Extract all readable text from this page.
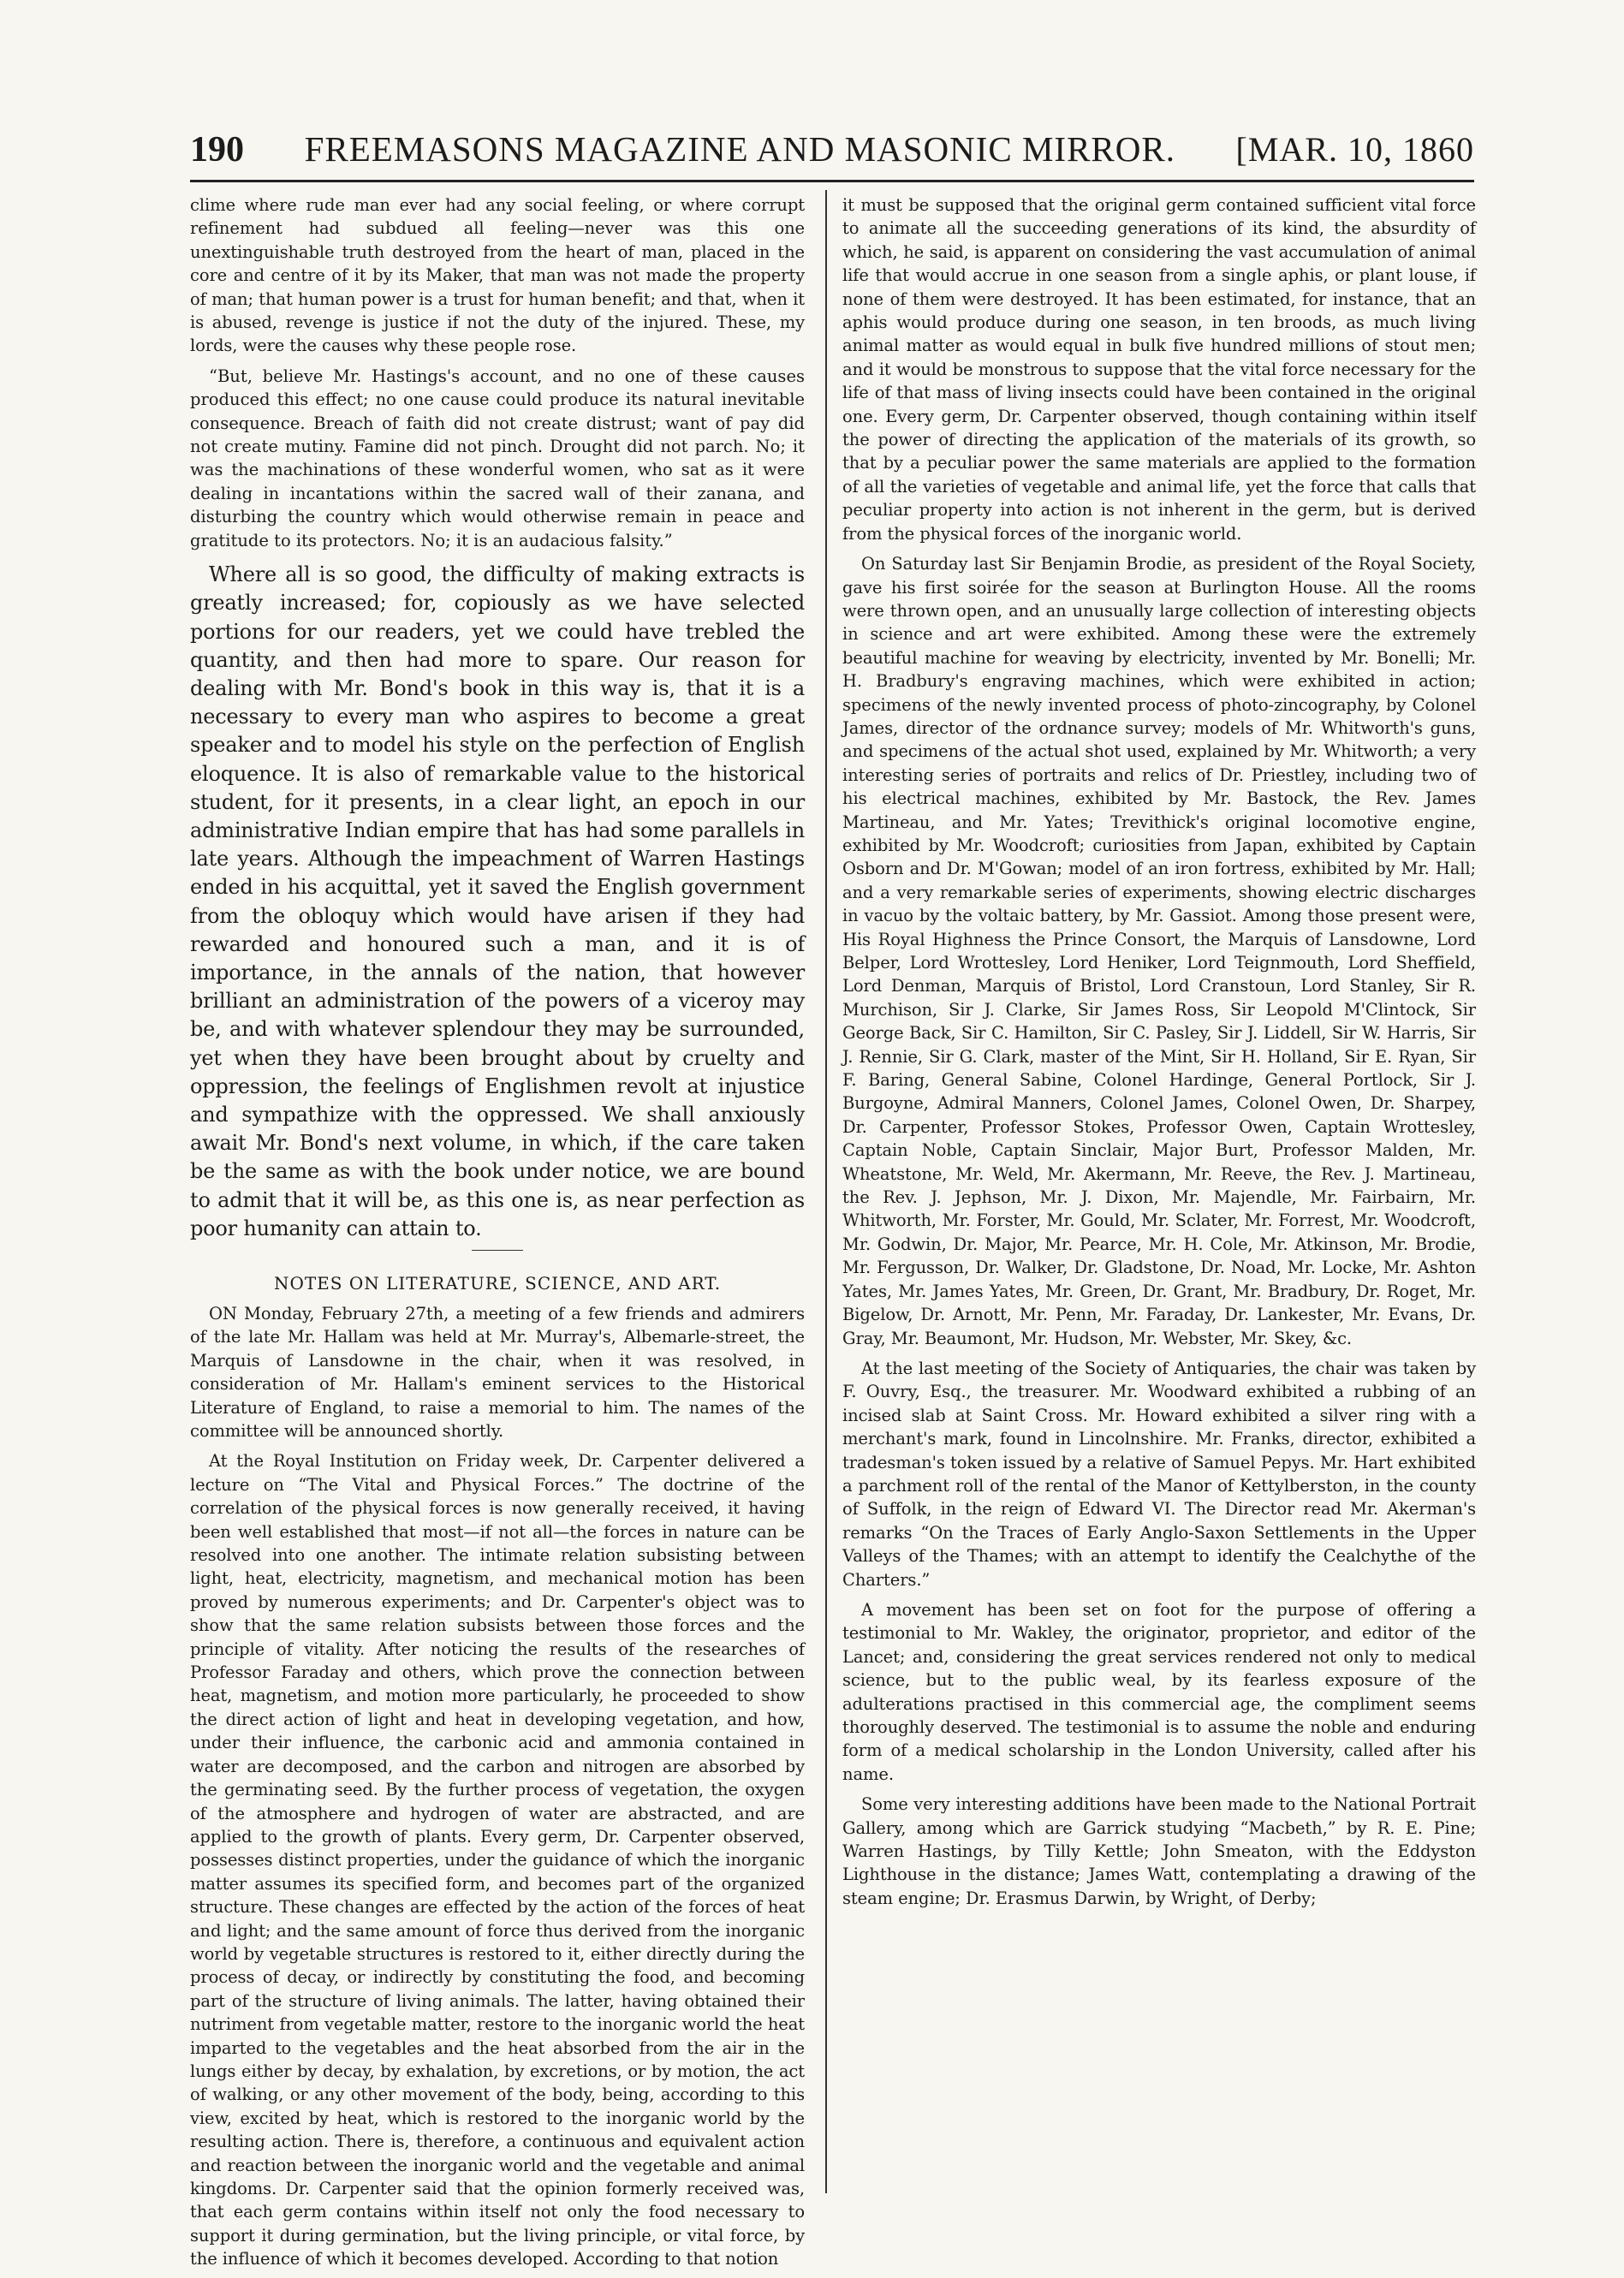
190 FREEMASONS MAGAZINE AND MASONIC MIRROR. [MAR. 10, 1860

clime where rude man ever had any social feeling, or where corrupt refinement had subdued all feeling—never was this one unextinguishable truth destroyed from the heart of man, placed in the core and centre of it by its Maker, that man was not made the property of man; that human power is a trust for human benefit; and that, when it is abused, revenge is justice if not the duty of the injured. These, my lords, were the causes why these people rose.

“But, believe Mr. Hastings's account, and no one of these causes produced this effect; no one cause could produce its natural inevitable consequence. Breach of faith did not create distrust; want of pay did not create mutiny. Famine did not pinch. Drought did not parch. No; it was the machinations of these wonderful women, who sat as it were dealing in incantations within the sacred wall of their zanana, and disturbing the country which would otherwise remain in peace and gratitude to its protectors. No; it is an audacious falsity.”

Where all is so good, the difficulty of making extracts is greatly increased; for, copiously as we have selected portions for our readers, yet we could have trebled the quantity, and then had more to spare. Our reason for dealing with Mr. Bond's book in this way is, that it is a necessary to every man who aspires to become a great speaker and to model his style on the perfection of English eloquence. It is also of remarkable value to the historical student, for it presents, in a clear light, an epoch in our administrative Indian empire that has had some parallels in late years. Although the impeachment of Warren Hastings ended in his acquittal, yet it saved the English government from the obloquy which would have arisen if they had rewarded and honoured such a man, and it is of importance, in the annals of the nation, that however brilliant an administration of the powers of a viceroy may be, and with whatever splendour they may be surrounded, yet when they have been brought about by cruelty and oppression, the feelings of Englishmen revolt at injustice and sympathize with the oppressed. We shall anxiously await Mr. Bond's next volume, in which, if the care taken be the same as with the book under notice, we are bound to admit that it will be, as this one is, as near perfection as poor humanity can attain to.

NOTES ON LITERATURE, SCIENCE, AND ART.

ON Monday, February 27th, a meeting of a few friends and admirers of the late Mr. Hallam was held at Mr. Murray's, Albemarle-street, the Marquis of Lansdowne in the chair, when it was resolved, in consideration of Mr. Hallam's eminent services to the Historical Literature of England, to raise a memorial to him. The names of the committee will be announced shortly.

At the Royal Institution on Friday week, Dr. Carpenter delivered a lecture on “The Vital and Physical Forces.” The doctrine of the correlation of the physical forces is now generally received, it having been well established that most—if not all—the forces in nature can be resolved into one another. The intimate relation subsisting between light, heat, electricity, magnetism, and mechanical motion has been proved by numerous experiments; and Dr. Carpenter's object was to show that the same relation subsists between those forces and the principle of vitality. After noticing the results of the researches of Professor Faraday and others, which prove the connection between heat, magnetism, and motion more particularly, he proceeded to show the direct action of light and heat in developing vegetation, and how, under their influence, the carbonic acid and ammonia contained in water are decomposed, and the carbon and nitrogen are absorbed by the germinating seed. By the further process of vegetation, the oxygen of the atmosphere and hydrogen of water are abstracted, and are applied to the growth of plants. Every germ, Dr. Carpenter observed, possesses distinct properties, under the guidance of which the inorganic matter assumes its specified form, and becomes part of the organized structure. These changes are effected by the action of the forces of heat and light; and the same amount of force thus derived from the inorganic world by vegetable structures is restored to it, either directly during the process of decay, or indirectly by constituting the food, and becoming part of the structure of living animals. The latter, having obtained their nutriment from vegetable matter, restore to the inorganic world the heat imparted to the vegetables and the heat absorbed from the air in the lungs either by decay, by exhalation, by excretions, or by motion, the act of walking, or any other movement of the body, being, according to this view, excited by heat, which is restored to the inorganic world by the resulting action. There is, therefore, a continuous and equivalent action and reaction between the inorganic world and the vegetable and animal kingdoms. Dr. Carpenter said that the opinion formerly received was, that each germ contains within itself not only the food necessary to support it during germination, but the living principle, or vital force, by the influence of which it becomes developed. According to that notion

it must be supposed that the original germ contained sufficient vital force to animate all the succeeding generations of its kind, the absurdity of which, he said, is apparent on considering the vast accumulation of animal life that would accrue in one season from a single aphis, or plant louse, if none of them were destroyed. It has been estimated, for instance, that an aphis would produce during one season, in ten broods, as much living animal matter as would equal in bulk five hundred millions of stout men; and it would be monstrous to suppose that the vital force necessary for the life of that mass of living insects could have been contained in the original one. Every germ, Dr. Carpenter observed, though containing within itself the power of directing the application of the materials of its growth, so that by a peculiar power the same materials are applied to the formation of all the varieties of vegetable and animal life, yet the force that calls that peculiar property into action is not inherent in the germ, but is derived from the physical forces of the inorganic world.

On Saturday last Sir Benjamin Brodie, as president of the Royal Society, gave his first soirée for the season at Burlington House. All the rooms were thrown open, and an unusually large collection of interesting objects in science and art were exhibited. Among these were the extremely beautiful machine for weaving by electricity, invented by Mr. Bonelli; Mr. H. Bradbury's engraving machines, which were exhibited in action; specimens of the newly invented process of photo-zincography, by Colonel James, director of the ordnance survey; models of Mr. Whitworth's guns, and specimens of the actual shot used, explained by Mr. Whitworth; a very interesting series of portraits and relics of Dr. Priestley, including two of his electrical machines, exhibited by Mr. Bastock, the Rev. James Martineau, and Mr. Yates; Trevithick's original locomotive engine, exhibited by Mr. Woodcroft; curiosities from Japan, exhibited by Captain Osborn and Dr. M'Gowan; model of an iron fortress, exhibited by Mr. Hall; and a very remarkable series of experiments, showing electric discharges in vacuo by the voltaic battery, by Mr. Gassiot. Among those present were, His Royal Highness the Prince Consort, the Marquis of Lansdowne, Lord Belper, Lord Wrottesley, Lord Heniker, Lord Teignmouth, Lord Sheffield, Lord Denman, Marquis of Bristol, Lord Cranstoun, Lord Stanley, Sir R. Murchison, Sir J. Clarke, Sir James Ross, Sir Leopold M'Clintock, Sir George Back, Sir C. Hamilton, Sir C. Pasley, Sir J. Liddell, Sir W. Harris, Sir J. Rennie, Sir G. Clark, master of the Mint, Sir H. Holland, Sir E. Ryan, Sir F. Baring, General Sabine, Colonel Hardinge, General Portlock, Sir J. Burgoyne, Admiral Manners, Colonel James, Colonel Owen, Dr. Sharpey, Dr. Carpenter, Professor Stokes, Professor Owen, Captain Wrottesley, Captain Noble, Captain Sinclair, Major Burt, Professor Malden, Mr. Wheatstone, Mr. Weld, Mr. Akermann, Mr. Reeve, the Rev. J. Martineau, the Rev. J. Jephson, Mr. J. Dixon, Mr. Majendle, Mr. Fairbairn, Mr. Whitworth, Mr. Forster, Mr. Gould, Mr. Sclater, Mr. Forrest, Mr. Woodcroft, Mr. Godwin, Dr. Major, Mr. Pearce, Mr. H. Cole, Mr. Atkinson, Mr. Brodie, Mr. Fergusson, Dr. Walker, Dr. Gladstone, Dr. Noad, Mr. Locke, Mr. Ashton Yates, Mr. James Yates, Mr. Green, Dr. Grant, Mr. Bradbury, Dr. Roget, Mr. Bigelow, Dr. Arnott, Mr. Penn, Mr. Faraday, Dr. Lankester, Mr. Evans, Dr. Gray, Mr. Beaumont, Mr. Hudson, Mr. Webster, Mr. Skey, &c.

At the last meeting of the Society of Antiquaries, the chair was taken by F. Ouvry, Esq., the treasurer. Mr. Woodward exhibited a rubbing of an incised slab at Saint Cross. Mr. Howard exhibited a silver ring with a merchant's mark, found in Lincolnshire. Mr. Franks, director, exhibited a tradesman's token issued by a relative of Samuel Pepys. Mr. Hart exhibited a parchment roll of the rental of the Manor of Kettylberston, in the county of Suffolk, in the reign of Edward VI. The Director read Mr. Akerman's remarks “On the Traces of Early Anglo-Saxon Settlements in the Upper Valleys of the Thames; with an attempt to identify the Cealchythe of the Charters.”

A movement has been set on foot for the purpose of offering a testimonial to Mr. Wakley, the originator, proprietor, and editor of the Lancet; and, considering the great services rendered not only to medical science, but to the public weal, by its fearless exposure of the adulterations practised in this commercial age, the compliment seems thoroughly deserved. The testimonial is to assume the noble and enduring form of a medical scholarship in the London University, called after his name.

Some very interesting additions have been made to the National Portrait Gallery, among which are Garrick studying “Macbeth,” by R. E. Pine; Warren Hastings, by Tilly Kettle; John Smeaton, with the Eddyston Lighthouse in the distance; James Watt, contemplating a drawing of the steam engine; Dr. Erasmus Darwin, by Wright, of Derby;
